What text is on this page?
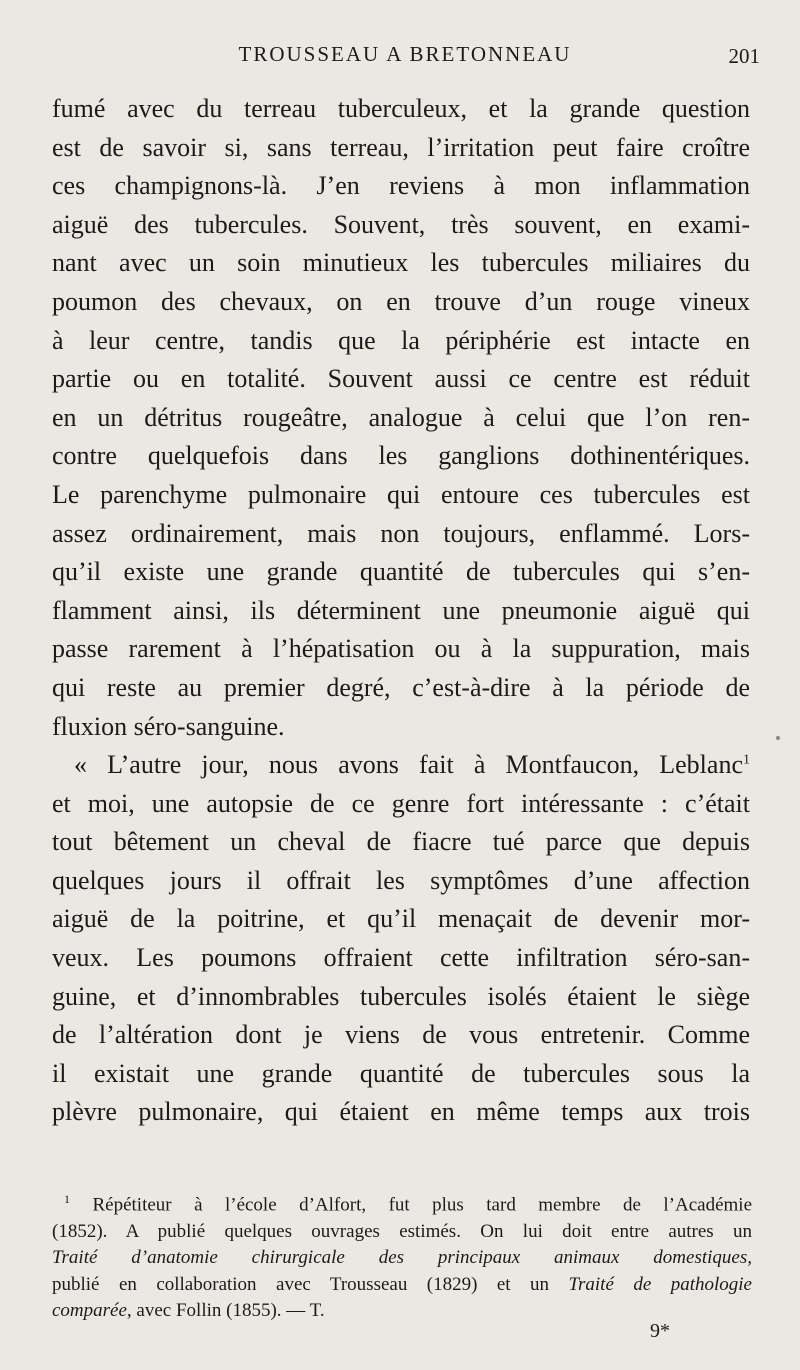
TROUSSEAU A BRETONNEAU	201
fumé avec du terreau tuberculeux, et la grande question
est de savoir si, sans terreau, l’irritation peut faire croître
ces champignons-là. J’en reviens à mon inflammation
aiguë des tubercules. Souvent, très souvent, en exami-
nant avec un soin minutieux les tubercules miliaires du
poumon des chevaux, on en trouve d’un rouge vineux
à leur centre, tandis que la périphérie est intacte en
partie ou en totalité. Souvent aussi ce centre est réduit
en un détritus rougeâtre, analogue à celui que l’on ren-
contre quelquefois dans les ganglions dothinentériques.
Le parenchyme pulmonaire qui entoure ces tubercules est
assez ordinairement, mais non toujours, enflammé. Lors-
qu’il existe une grande quantité de tubercules qui s’en-
flamment ainsi, ils déterminent une pneumonie aiguë qui
passe rarement à l’hépatisation ou à la suppuration, mais
qui reste au premier degré, c’est-à-dire à la période de
fluxion séro-sanguine.
« L’autre jour, nous avons fait à Montfaucon, Leblanc$^1$
et moi, une autopsie de ce genre fort intéressante : c’était
tout bêtement un cheval de fiacre tué parce que depuis
quelques jours il offrait les symptômes d’une affection
aiguë de la poitrine, et qu’il menaçait de devenir mor-
veux. Les poumons offraient cette infiltration séro-san-
guine, et d’innombrables tubercules isolés étaient le siège
de l’altération dont je viens de vous entretenir. Comme
il existait une grande quantité de tubercules sous la
plèvre pulmonaire, qui étaient en même temps aux trois
$^1$ Répétiteur à l’école d’Alfort, fut plus tard membre de l’Académie
(1852). A publié quelques ouvrages estimés. On lui doit entre autres un
Traité d’anatomie chirurgicale des principaux animaux domestiques,
publié en collaboration avec Trousseau (1829) et un Traité de pathologie
comparée, avec Follin (1855). — T.
9*
